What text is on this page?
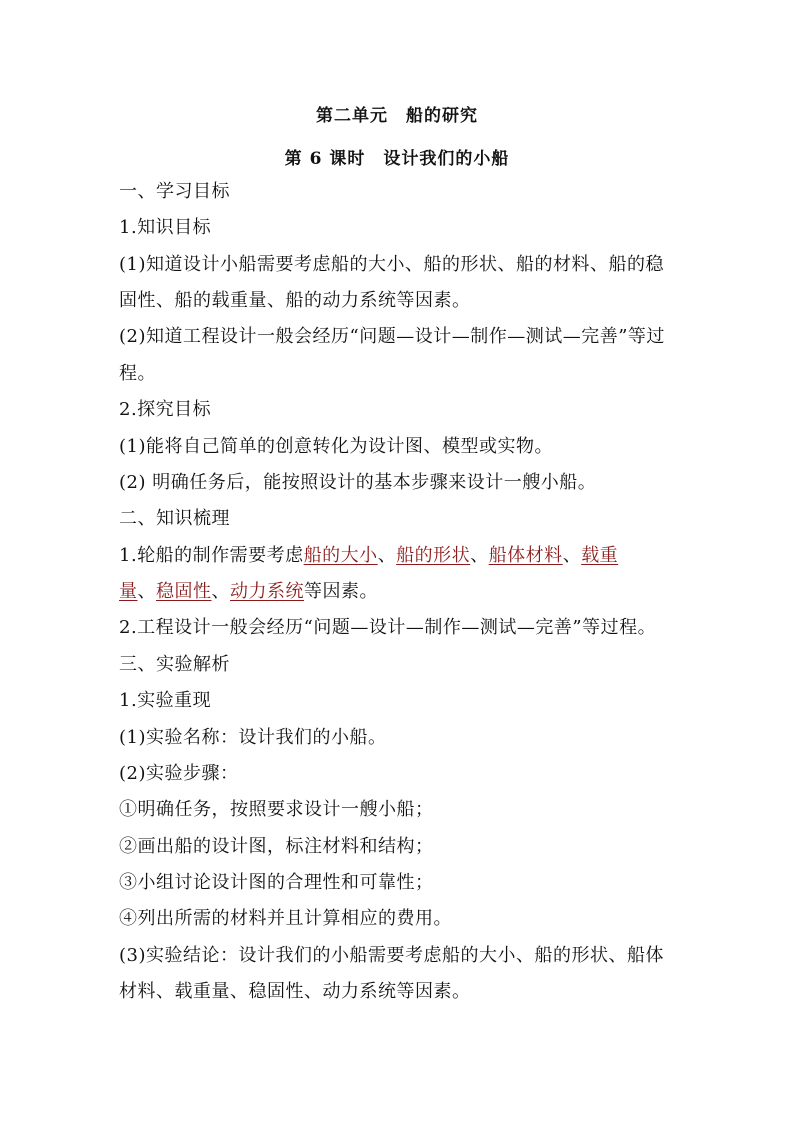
第二单元　船的研究
第 6 课时　设计我们的小船
一、学习目标
1.知识目标
(1)知道设计小船需要考虑船的大小、船的形状、船的材料、船的稳
固性、船的载重量、船的动力系统等因素。
(2)知道工程设计一般会经历“问题—设计—制作—测试—完善”等过
程。
2.探究目标
(1)能将自己简单的创意转化为设计图、模型或实物。
(2) 明确任务后，能按照设计的基本步骤来设计一艘小船。
二、知识梳理
1.轮船的制作需要考虑船的大小、船的形状、船体材料、载重
量、稳固性、动力系统等因素。
2.工程设计一般会经历“问题—设计—制作—测试—完善”等过程。
三、实验解析
1.实验重现
(1)实验名称：设计我们的小船。
(2)实验步骤：
①明确任务，按照要求设计一艘小船；
②画出船的设计图，标注材料和结构；
③小组讨论设计图的合理性和可靠性；
④列出所需的材料并且计算相应的费用。
(3)实验结论：设计我们的小船需要考虑船的大小、船的形状、船体
材料、载重量、稳固性、动力系统等因素。
